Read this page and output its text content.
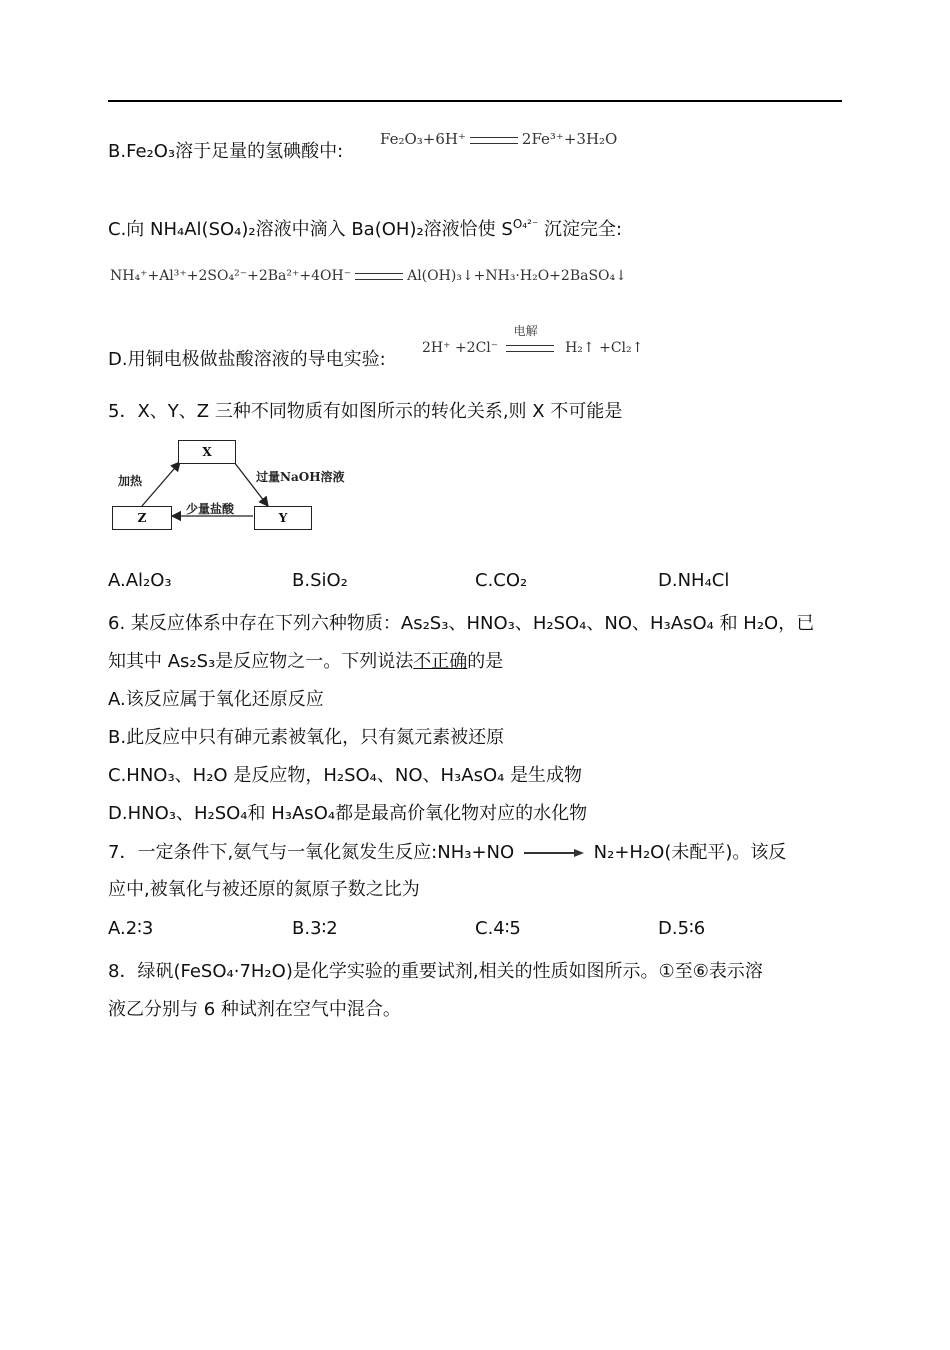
B.Fe₂O₃溶于足量的氢碘酸中:
Fe₂O₃+6H⁺	2Fe³⁺+3H₂O
C.向 NH₄Al(SO₄)₂溶液中滴入 Ba(OH)₂溶液恰使 $S^{O_4^{2-}}$ 沉淀完全:
NH₄⁺+Al³⁺+2SO₄²⁻+2Ba²⁺+4OH⁻	Al(OH)₃↓+NH₃·H₂O+2BaSO₄↓
D.用铜电极做盐酸溶液的导电实验:
2H⁺ +2Cl⁻
电解
H₂↑ +Cl₂↑
5．X、Y、Z 三种不同物质有如图所示的转化关系,则 X 不可能是
X
Y
Z
加热	过量NaOH溶液
少量盐酸
A.Al₂O₃	B.SiO₂	C.CO₂	D.NH₄Cl
6. 某反应体系中存在下列六种物质：As₂S₃、HNO₃、H₂SO₄、NO、H₃AsO₄ 和 H₂O，已
知其中 As₂S₃是反应物之一。下列说法不正确的是
A.该反应属于氧化还原反应
B.此反应中只有砷元素被氧化，只有氮元素被还原
C.HNO₃、H₂O 是反应物，H₂SO₄、NO、H₃AsO₄ 是生成物
D.HNO₃、H₂SO₄和 H₃AsO₄都是最高价氧化物对应的水化物
7．一定条件下,氨气与一氧化氮发生反应:NH₃+NO → N₂+H₂O(未配平)。该反
应中,被氧化与被还原的氮原子数之比为
A.2∶3	B.3∶2	C.4∶5	D.5∶6
8．绿矾(FeSO₄·7H₂O)是化学实验的重要试剂,相关的性质如图所示。①至⑥表示溶
液乙分别与 6 种试剂在空气中混合。
